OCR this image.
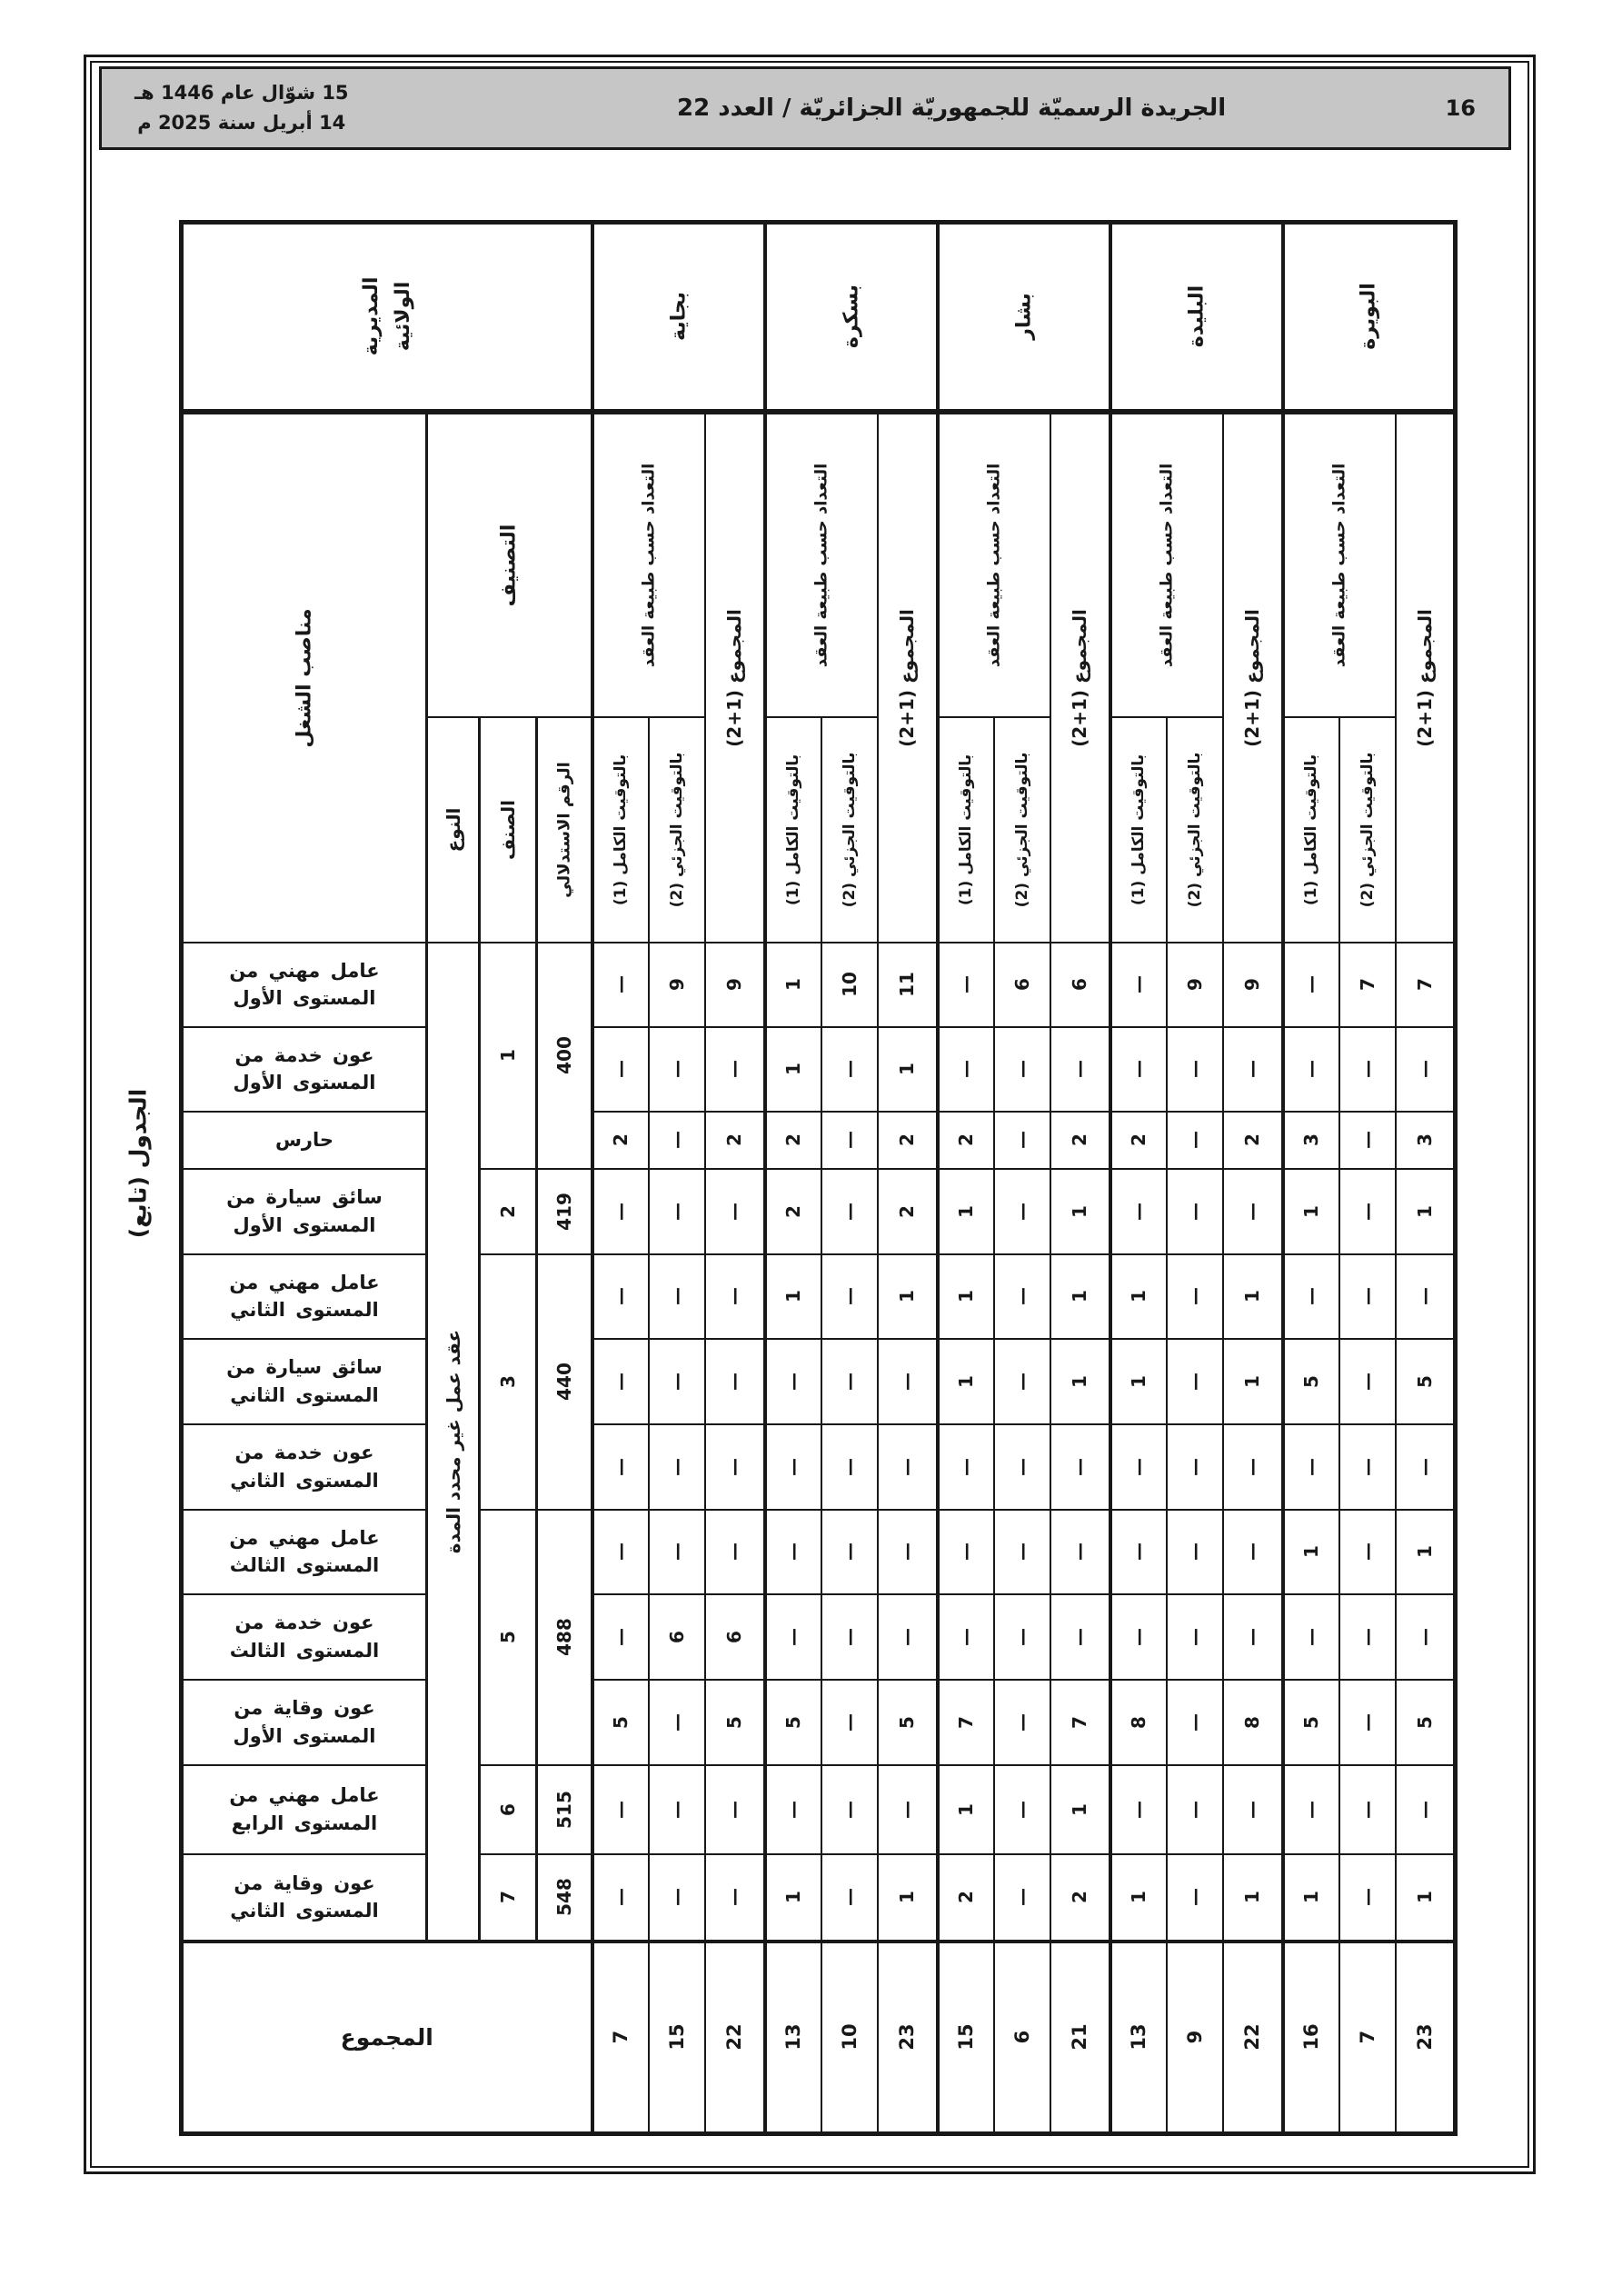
15 شوّال عام 1446 هـ
14 أبريل سنة 2025 م
الجريدة الرسميّة للجمهوريّة الجزائريّة / العدد 22	16
الجدول (تابع)
المديرية الولائية				بجاية			بسكرة			بشار			البليدة			البويرة		

مناصب الشغل	التصنيف			التعداد حسب طبيعة العقد		المجموع (1+2)	التعداد حسب طبيعة العقد		المجموع (1+2)	التعداد حسب طبيعة العقد		المجموع (1+2)	التعداد حسب طبيعة العقد		المجموع (1+2)	التعداد حسب طبيعة العقد		المجموع (1+2)

	النوع	الصنف	الرقم الاستدلالي	بالتوقيت الكامل (1)	بالتوقيت الجزئي (2)		بالتوقيت الكامل (1)	بالتوقيت الجزئي (2)		بالتوقيت الكامل (1)	بالتوقيت الجزئي (2)		بالتوقيت الكامل (1)	بالتوقيت الجزئي (2)		بالتوقيت الكامل (1)	بالتوقيت الجزئي (2)	

عامل مهني من المستوى الأول	عقد عمل غير محدد المدة	1	400	—	9	9	1	10	11	—	6	6	—	9	9	—	7	7

عون خدمة من المستوى الأول				—	—	—	1	—	1	—	—	—	—	—	—	—	—	—

حارس				2	—	2	2	—	2	2	—	2	2	—	2	3	—	3

سائق سيارة من المستوى الأول		2	419	—	—	—	2	—	2	1	—	1	—	—	—	1	—	1

عامل مهني من المستوى الثاني		3	440	—	—	—	1	—	1	1	—	1	1	—	1	—	—	—

سائق سيارة من المستوى الثاني				—	—	—	—	—	—	1	—	1	1	—	1	5	—	5

عون خدمة من المستوى الثاني				—	—	—	—	—	—	—	—	—	—	—	—	—	—	—

عامل مهني من المستوى الثالث		5	488	—	—	—	—	—	—	—	—	—	—	—	—	1	—	1

عون خدمة من المستوى الثالث				—	6	6	—	—	—	—	—	—	—	—	—	—	—	—

عون وقاية من المستوى الأول				5	—	5	5	—	5	7	—	7	8	—	8	5	—	5

عامل مهني من المستوى الرابع		6	515	—	—	—	—	—	—	1	—	1	—	—	—	—	—	—

عون وقاية من المستوى الثاني		7	548	—	—	—	1	—	1	2	—	2	1	—	1	1	—	1

المجموع				7	15	22	13	10	23	15	6	21	13	9	22	16	7	23
